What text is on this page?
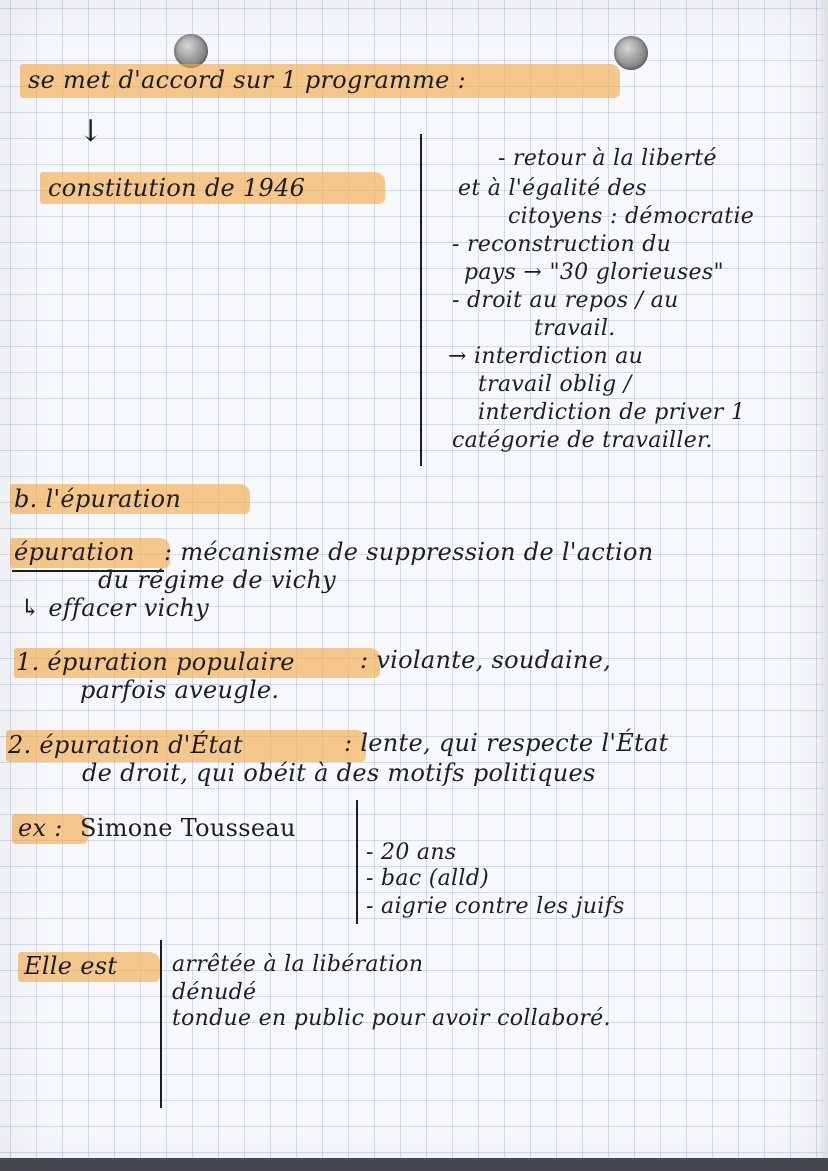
se met d'accord sur 1 programme :
↓
constitution de 1946
- retour à la liberté
et à l'égalité des
citoyens : démocratie
- reconstruction du
pays → "30 glorieuses"
- droit au repos / au
travail.
→ interdiction au
travail oblig /
interdiction de priver 1
catégorie de travailler.
b. l'épuration
épuration : mécanisme de suppression de l'action
du régime de vichy
↳ effacer vichy
1. épuration populaire	: violante, soudaine,
parfois aveugle.
2. épuration d'État	: lente, qui respecte l'État
de droit, qui obéit à des motifs politiques
ex : Simone Tousseau
- 20 ans
- bac (alld)
- aigrie contre les juifs
Elle est arrêtée à la libération
dénudé
tondue en public pour avoir collaboré.
